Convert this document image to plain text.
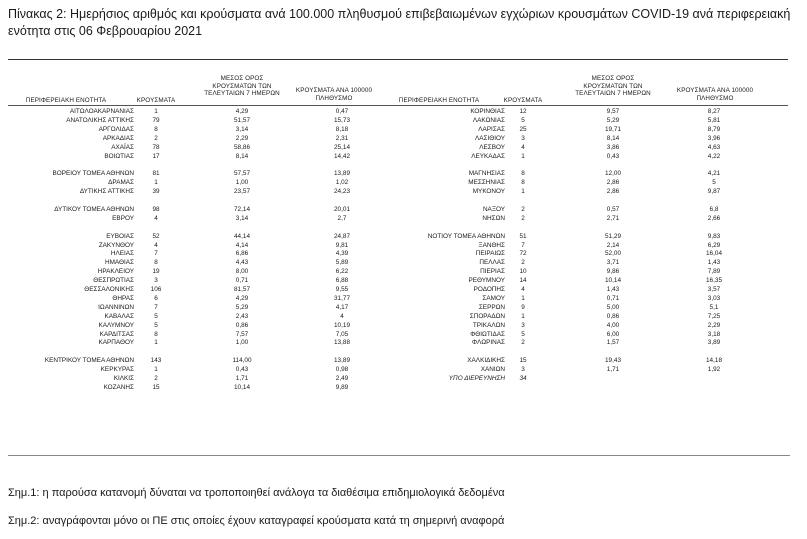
Πίνακας 2: Ημερήσιος αριθμός και κρούσματα ανά 100.000 πληθυσμού επιβεβαιωμένων εγχώριων κρουσμάτων COVID-19 ανά περιφερειακή ενότητα στις 06 Φεβρουαρίου 2021
ΠΕΡΙΦΕΡΕΙΑΚΗ ΕΝΟΤΗΤΑ	ΚΡΟΥΣΜΑΤΑ
ΜΕΣΟΣ ΟΡΟΣ
ΚΡΟΥΣΜΑΤΩΝ ΤΩΝ
ΤΕΛΕΥΤΑΙΩΝ 7 ΗΜΕΡΩΝ	ΚΡΟΥΣΜΑΤΑ ΑΝΑ 100000
ΠΛΗΘΥΣΜΟ	ΠΕΡΙΦΕΡΕΙΑΚΗ ΕΝΟΤΗΤΑ	ΚΡΟΥΣΜΑΤΑ
ΜΕΣΟΣ ΟΡΟΣ
ΚΡΟΥΣΜΑΤΩΝ ΤΩΝ
ΤΕΛΕΥΤΑΙΩΝ 7 ΗΜΕΡΩΝ	ΚΡΟΥΣΜΑΤΑ ΑΝΑ 100000
ΠΛΗΘΥΣΜΟ
ΑΙΤΩΛΟΑΚΑΡΝΑΝΙΑΣ	1	4,29	0,47
ΑΝΑΤΟΛΙΚΗΣ ΑΤΤΙΚΗΣ	79	51,57	15,73
ΑΡΓΟΛΙΔΑΣ	8	3,14	8,18
ΑΡΚΑΔΙΑΣ	2	2,29	2,31
ΑΧΑΪΑΣ	78	58,86	25,14
ΒΟΙΩΤΙΑΣ	17	8,14	14,42
ΒΟΡΕΙΟΥ ΤΟΜΕΑ ΑΘΗΝΩΝ	81	57,57	13,89
ΔΡΑΜΑΣ	1	1,00	1,02
ΔΥΤΙΚΗΣ ΑΤΤΙΚΗΣ	39	23,57	24,23
ΔΥΤΙΚΟΥ ΤΟΜΕΑ ΑΘΗΝΩΝ	98	72,14	20,01
ΕΒΡΟΥ	4	3,14	2,7
ΕΥΒΟΙΑΣ	52	44,14	24,87
ΖΑΚΥΝΘΟΥ	4	4,14	9,81
ΗΛΕΙΑΣ	7	6,86	4,39
ΗΜΑΘΙΑΣ	8	4,43	5,89
ΗΡΑΚΛΕΙΟΥ	19	8,00	6,22
ΘΕΣΠΡΩΤΙΑΣ	3	0,71	6,88
ΘΕΣΣΑΛΟΝΙΚΗΣ	106	81,57	9,55
ΘΗΡΑΣ	6	4,29	31,77
ΙΩΑΝΝΙΝΩΝ	7	5,29	4,17
ΚΑΒΑΛΑΣ	5	2,43	4
ΚΑΛΥΜΝΟΥ	5	0,86	10,19
ΚΑΡΔΙΤΣΑΣ	8	7,57	7,05
ΚΑΡΠΑΘΟΥ	1	1,00	13,88
ΚΕΝΤΡΙΚΟΥ ΤΟΜΕΑ ΑΘΗΝΩΝ	143	114,00	13,89
ΚΕΡΚΥΡΑΣ	1	0,43	0,98
ΚΙΛΚΙΣ	2	1,71	2,49
ΚΟΖΑΝΗΣ	15	10,14	9,89
ΚΟΡΙΝΘΙΑΣ	12	9,57	8,27
ΛΑΚΩΝΙΑΣ	5	5,29	5,81
ΛΑΡΙΣΑΣ	25	19,71	8,79
ΛΑΣΙΘΙΟΥ	3	8,14	3,96
ΛΕΣΒΟΥ	4	3,86	4,63
ΛΕΥΚΑΔΑΣ	1	0,43	4,22
ΜΑΓΝΗΣΙΑΣ	8	12,00	4,21
ΜΕΣΣΗΝΙΑΣ	8	2,86	5
ΜΥΚΟΝΟΥ	1	2,86	9,87
ΝΑΞΟΥ	2	0,57	6,8
ΝΗΣΩΝ	2	2,71	2,66
ΝΟΤΙΟΥ ΤΟΜΕΑ ΑΘΗΝΩΝ	51	51,29	9,83
ΞΑΝΘΗΣ	7	2,14	6,29
ΠΕΙΡΑΙΩΣ	72	52,00	16,04
ΠΕΛΛΑΣ	2	3,71	1,43
ΠΙΕΡΙΑΣ	10	9,86	7,89
ΡΕΘΥΜΝΟΥ	14	10,14	16,35
ΡΟΔΟΠΗΣ	4	1,43	3,57
ΣΑΜΟΥ	1	0,71	3,03
ΣΕΡΡΩΝ	9	5,00	5,1
ΣΠΟΡΑΔΩΝ	1	0,86	7,25
ΤΡΙΚΑΛΩΝ	3	4,00	2,29
ΦΘΙΩΤΙΔΑΣ	5	6,00	3,18
ΦΛΩΡΙΝΑΣ	2	1,57	3,89
ΧΑΛΚΙΔΙΚΗΣ	15	19,43	14,18
ΧΑΝΙΩΝ	3	1,71	1,92
ΥΠΟ ΔΙΕΡΕΥΝΗΣΗ	34
Σημ.1: η παρούσα κατανομή δύναται να τροποποιηθεί ανάλογα τα διαθέσιμα επιδημιολογικά δεδομένα
Σημ.2: αναγράφονται μόνο οι ΠΕ στις οποίες έχουν καταγραφεί κρούσματα κατά τη σημερινή αναφορά
